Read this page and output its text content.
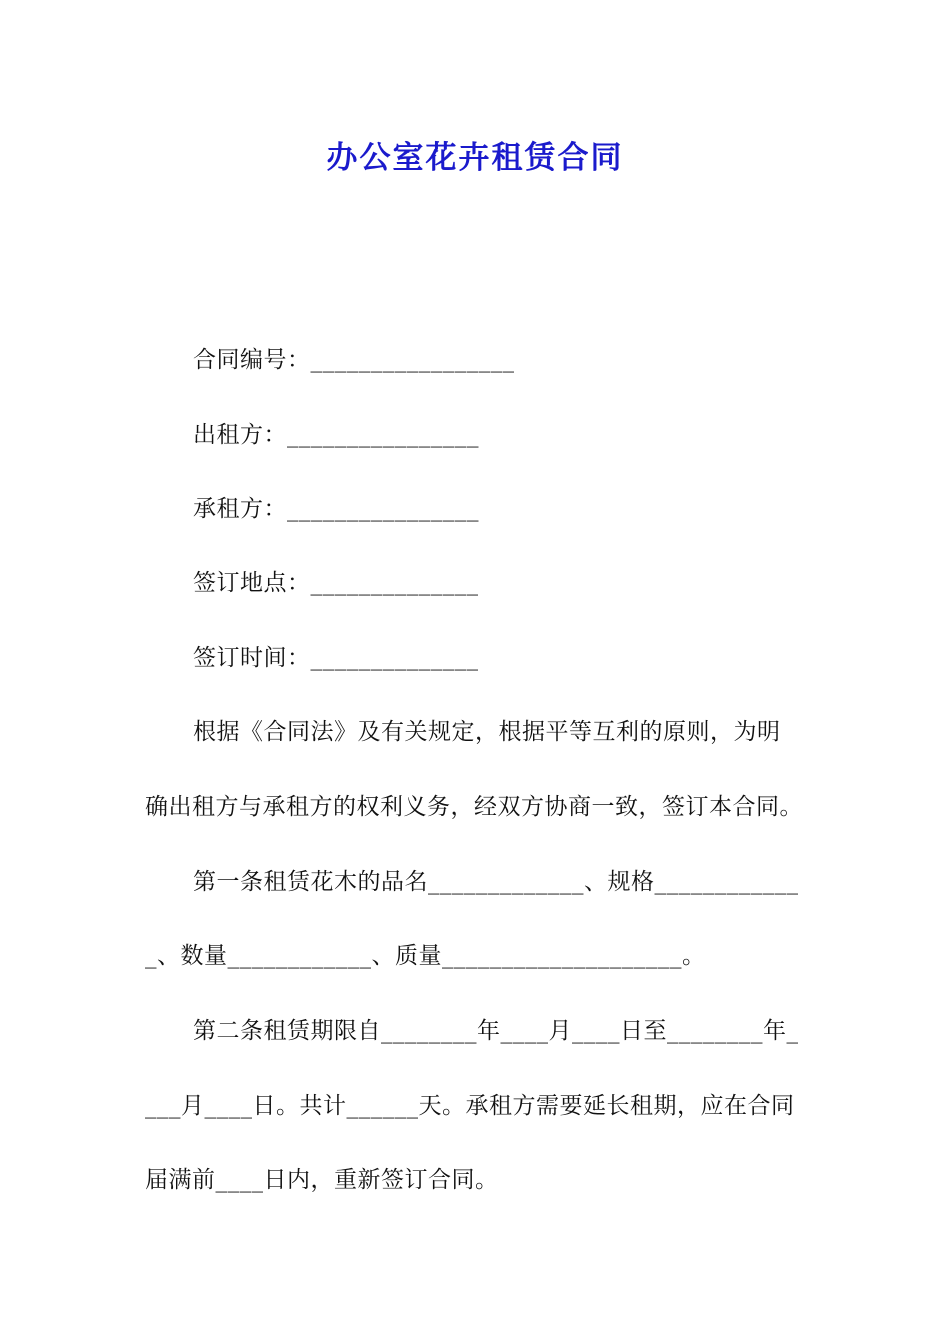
办公室花卉租赁合同
合同编号：_________________
出租方：________________
承租方：________________
签订地点：______________
签订时间：______________
根据《合同法》及有关规定，根据平等互利的原则，为明
确出租方与承租方的权利义务，经双方协商一致，签订本合同。
第一条租赁花木的品名_____________、规格____________
_、数量____________、质量____________________。
第二条租赁期限自________年____月____日至________年_
___月____日。共计______天。承租方需要延长租期，应在合同
届满前____日内，重新签订合同。
